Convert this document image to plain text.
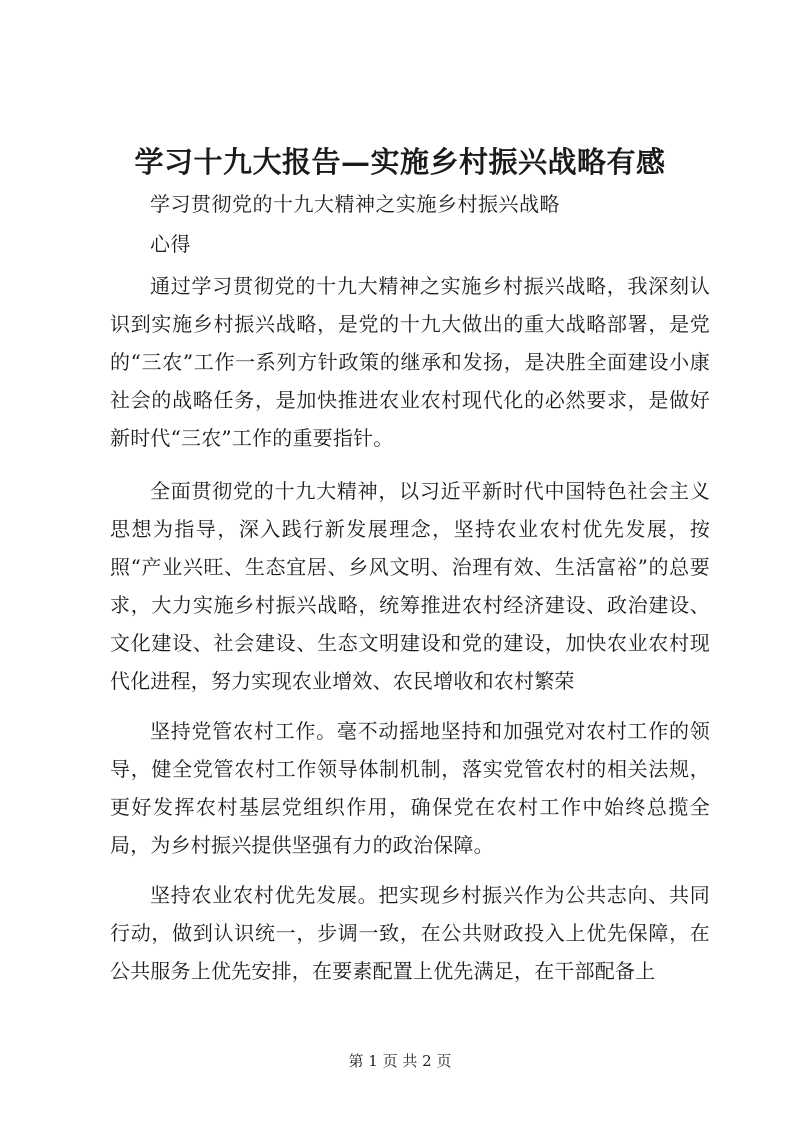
学习十九大报告—实施乡村振兴战略有感
学习贯彻党的十九大精神之实施乡村振兴战略
心得

通过学习贯彻党的十九大精神之实施乡村振兴战略，我深刻认识到实施乡村振兴战略，是党的十九大做出的重大战略部署，是党的“三农”工作一系列方针政策的继承和发扬，是决胜全面建设小康社会的战略任务，是加快推进农业农村现代化的必然要求，是做好新时代“三农”工作的重要指针。

全面贯彻党的十九大精神，以习近平新时代中国特色社会主义思想为指导，深入践行新发展理念，坚持农业农村优先发展，按照“产业兴旺、生态宜居、乡风文明、治理有效、生活富裕”的总要求，大力实施乡村振兴战略，统筹推进农村经济建设、政治建设、文化建设、社会建设、生态文明建设和党的建设，加快农业农村现代化进程，努力实现农业增效、农民增收和农村繁荣

坚持党管农村工作。毫不动摇地坚持和加强党对农村工作的领导，健全党管农村工作领导体制机制，落实党管农村的相关法规，更好发挥农村基层党组织作用，确保党在农村工作中始终总揽全局，为乡村振兴提供坚强有力的政治保障。

坚持农业农村优先发展。把实现乡村振兴作为公共志向、共同行动，做到认识统一，步调一致，在公共财政投入上优先保障，在公共服务上优先安排，在要素配置上优先满足，在干部配备上

第 1 页 共 2 页
